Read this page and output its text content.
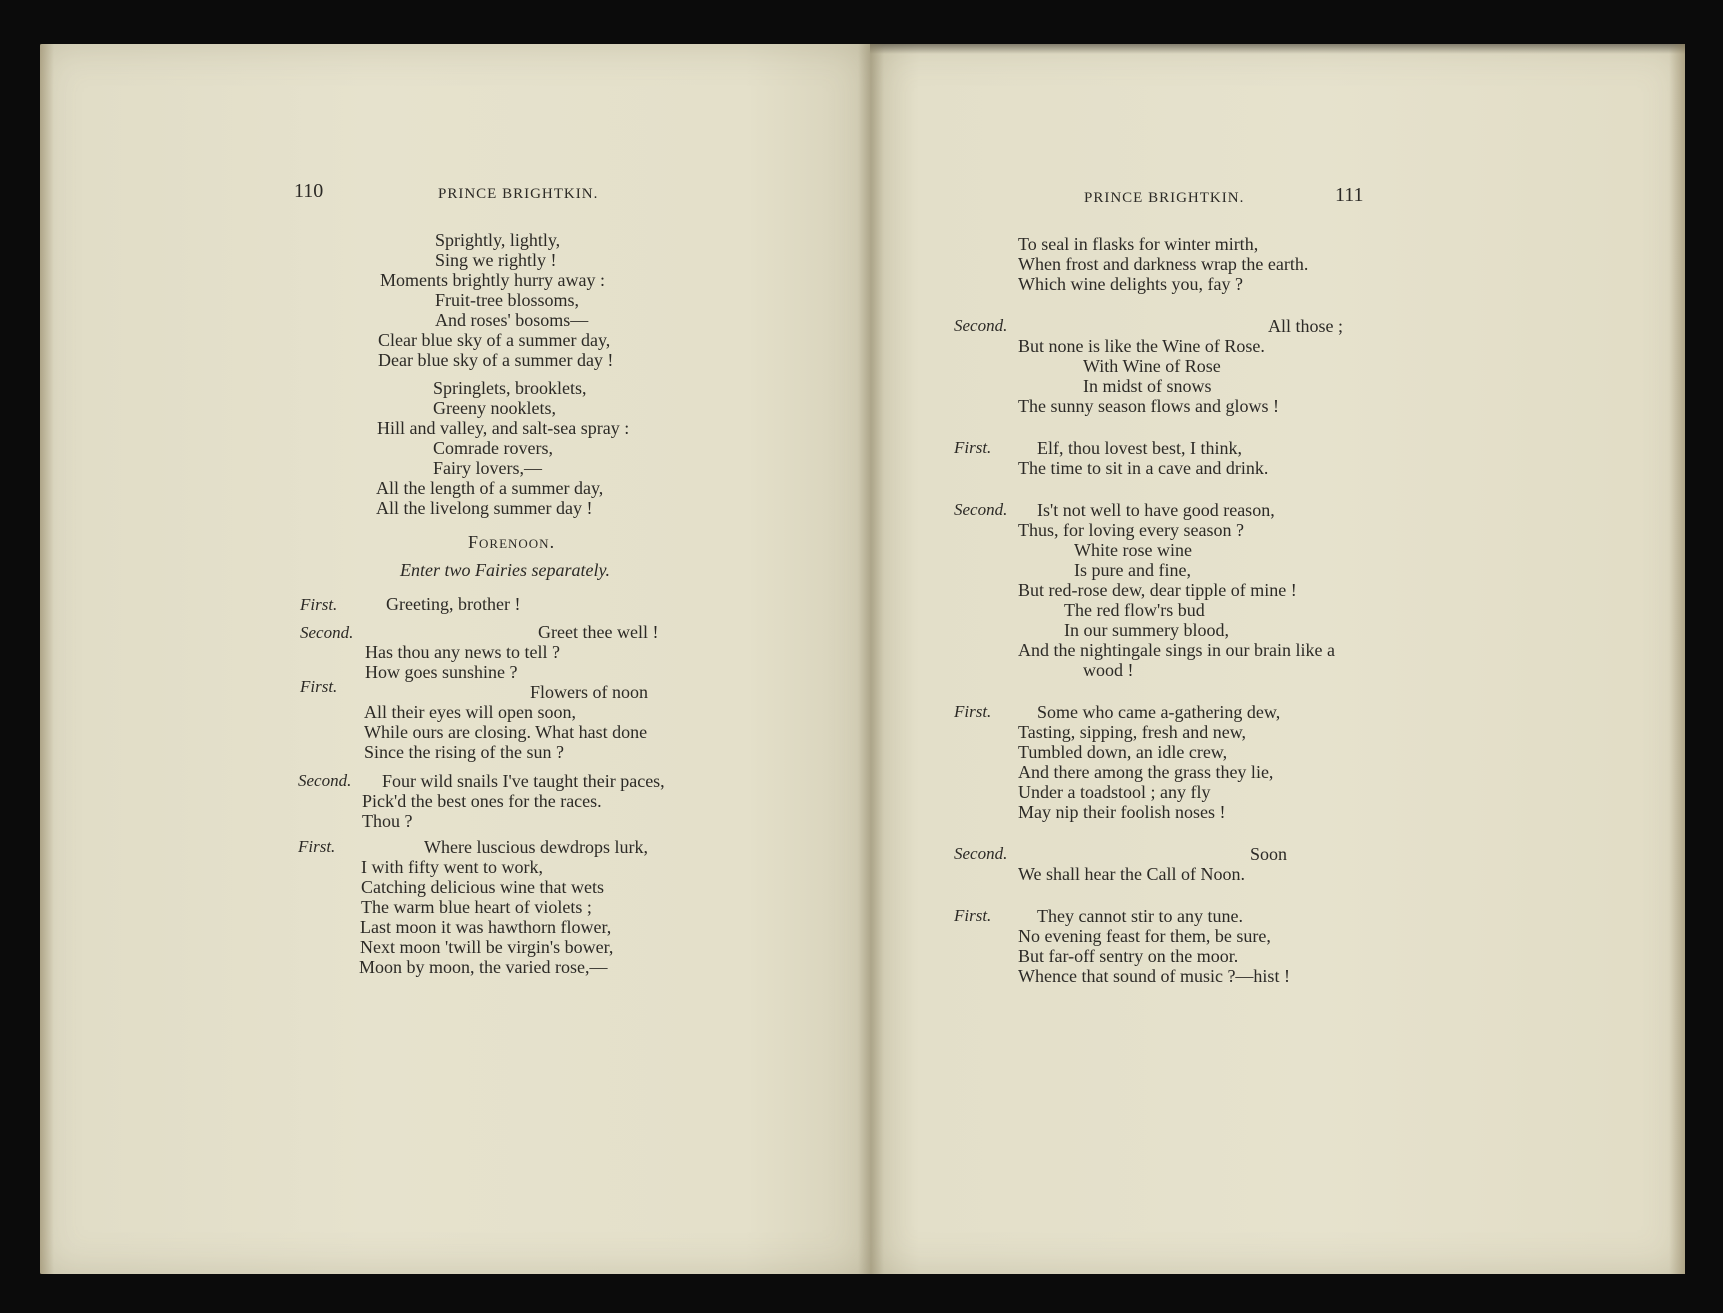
110	PRINCE BRIGHTKIN.
Sprightly, lightly,
Sing we rightly !
Moments brightly hurry away :
Fruit-tree blossoms,
And roses' bosoms—
Clear blue sky of a summer day,
Dear blue sky of a summer day !
Springlets, brooklets,
Greeny nooklets,
Hill and valley, and salt-sea spray :
Comrade rovers,
Fairy lovers,—
All the length of a summer day,
All the livelong summer day !
Forenoon.
Enter two Fairies separately.
First.	Greeting, brother !
Second.	Greet thee well !
Has thou any news to tell ?
How goes sunshine ?
First.	Flowers of noon
All their eyes will open soon,
While ours are closing. What hast done
Since the rising of the sun ?
Second. Four wild snails I've taught their paces,
Pick'd the best ones for the races.
Thou ?
First.	Where luscious dewdrops lurk,
I with fifty went to work,
Catching delicious wine that wets
The warm blue heart of violets ;
Last moon it was hawthorn flower,
Next moon 'twill be virgin's bower,
Moon by moon, the varied rose,—
PRINCE BRIGHTKIN.	111
To seal in flasks for winter mirth,
When frost and darkness wrap the earth.
Which wine delights you, fay ?
Second.	All those ;
But none is like the Wine of Rose.
With Wine of Rose
In midst of snows
The sunny season flows and glows !
First.	Elf, thou lovest best, I think,
The time to sit in a cave and drink.
Second. Is't not well to have good reason,
Thus, for loving every season ?
White rose wine
Is pure and fine,
But red-rose dew, dear tipple of mine !
The red flow'rs bud
In our summery blood,
And the nightingale sings in our brain like a
wood !
First.	Some who came a-gathering dew,
Tasting, sipping, fresh and new,
Tumbled down, an idle crew,
And there among the grass they lie,
Under a toadstool ; any fly
May nip their foolish noses !
Second.	Soon
We shall hear the Call of Noon.
First.	They cannot stir to any tune.
No evening feast for them, be sure,
But far-off sentry on the moor.
Whence that sound of music ?—hist !
